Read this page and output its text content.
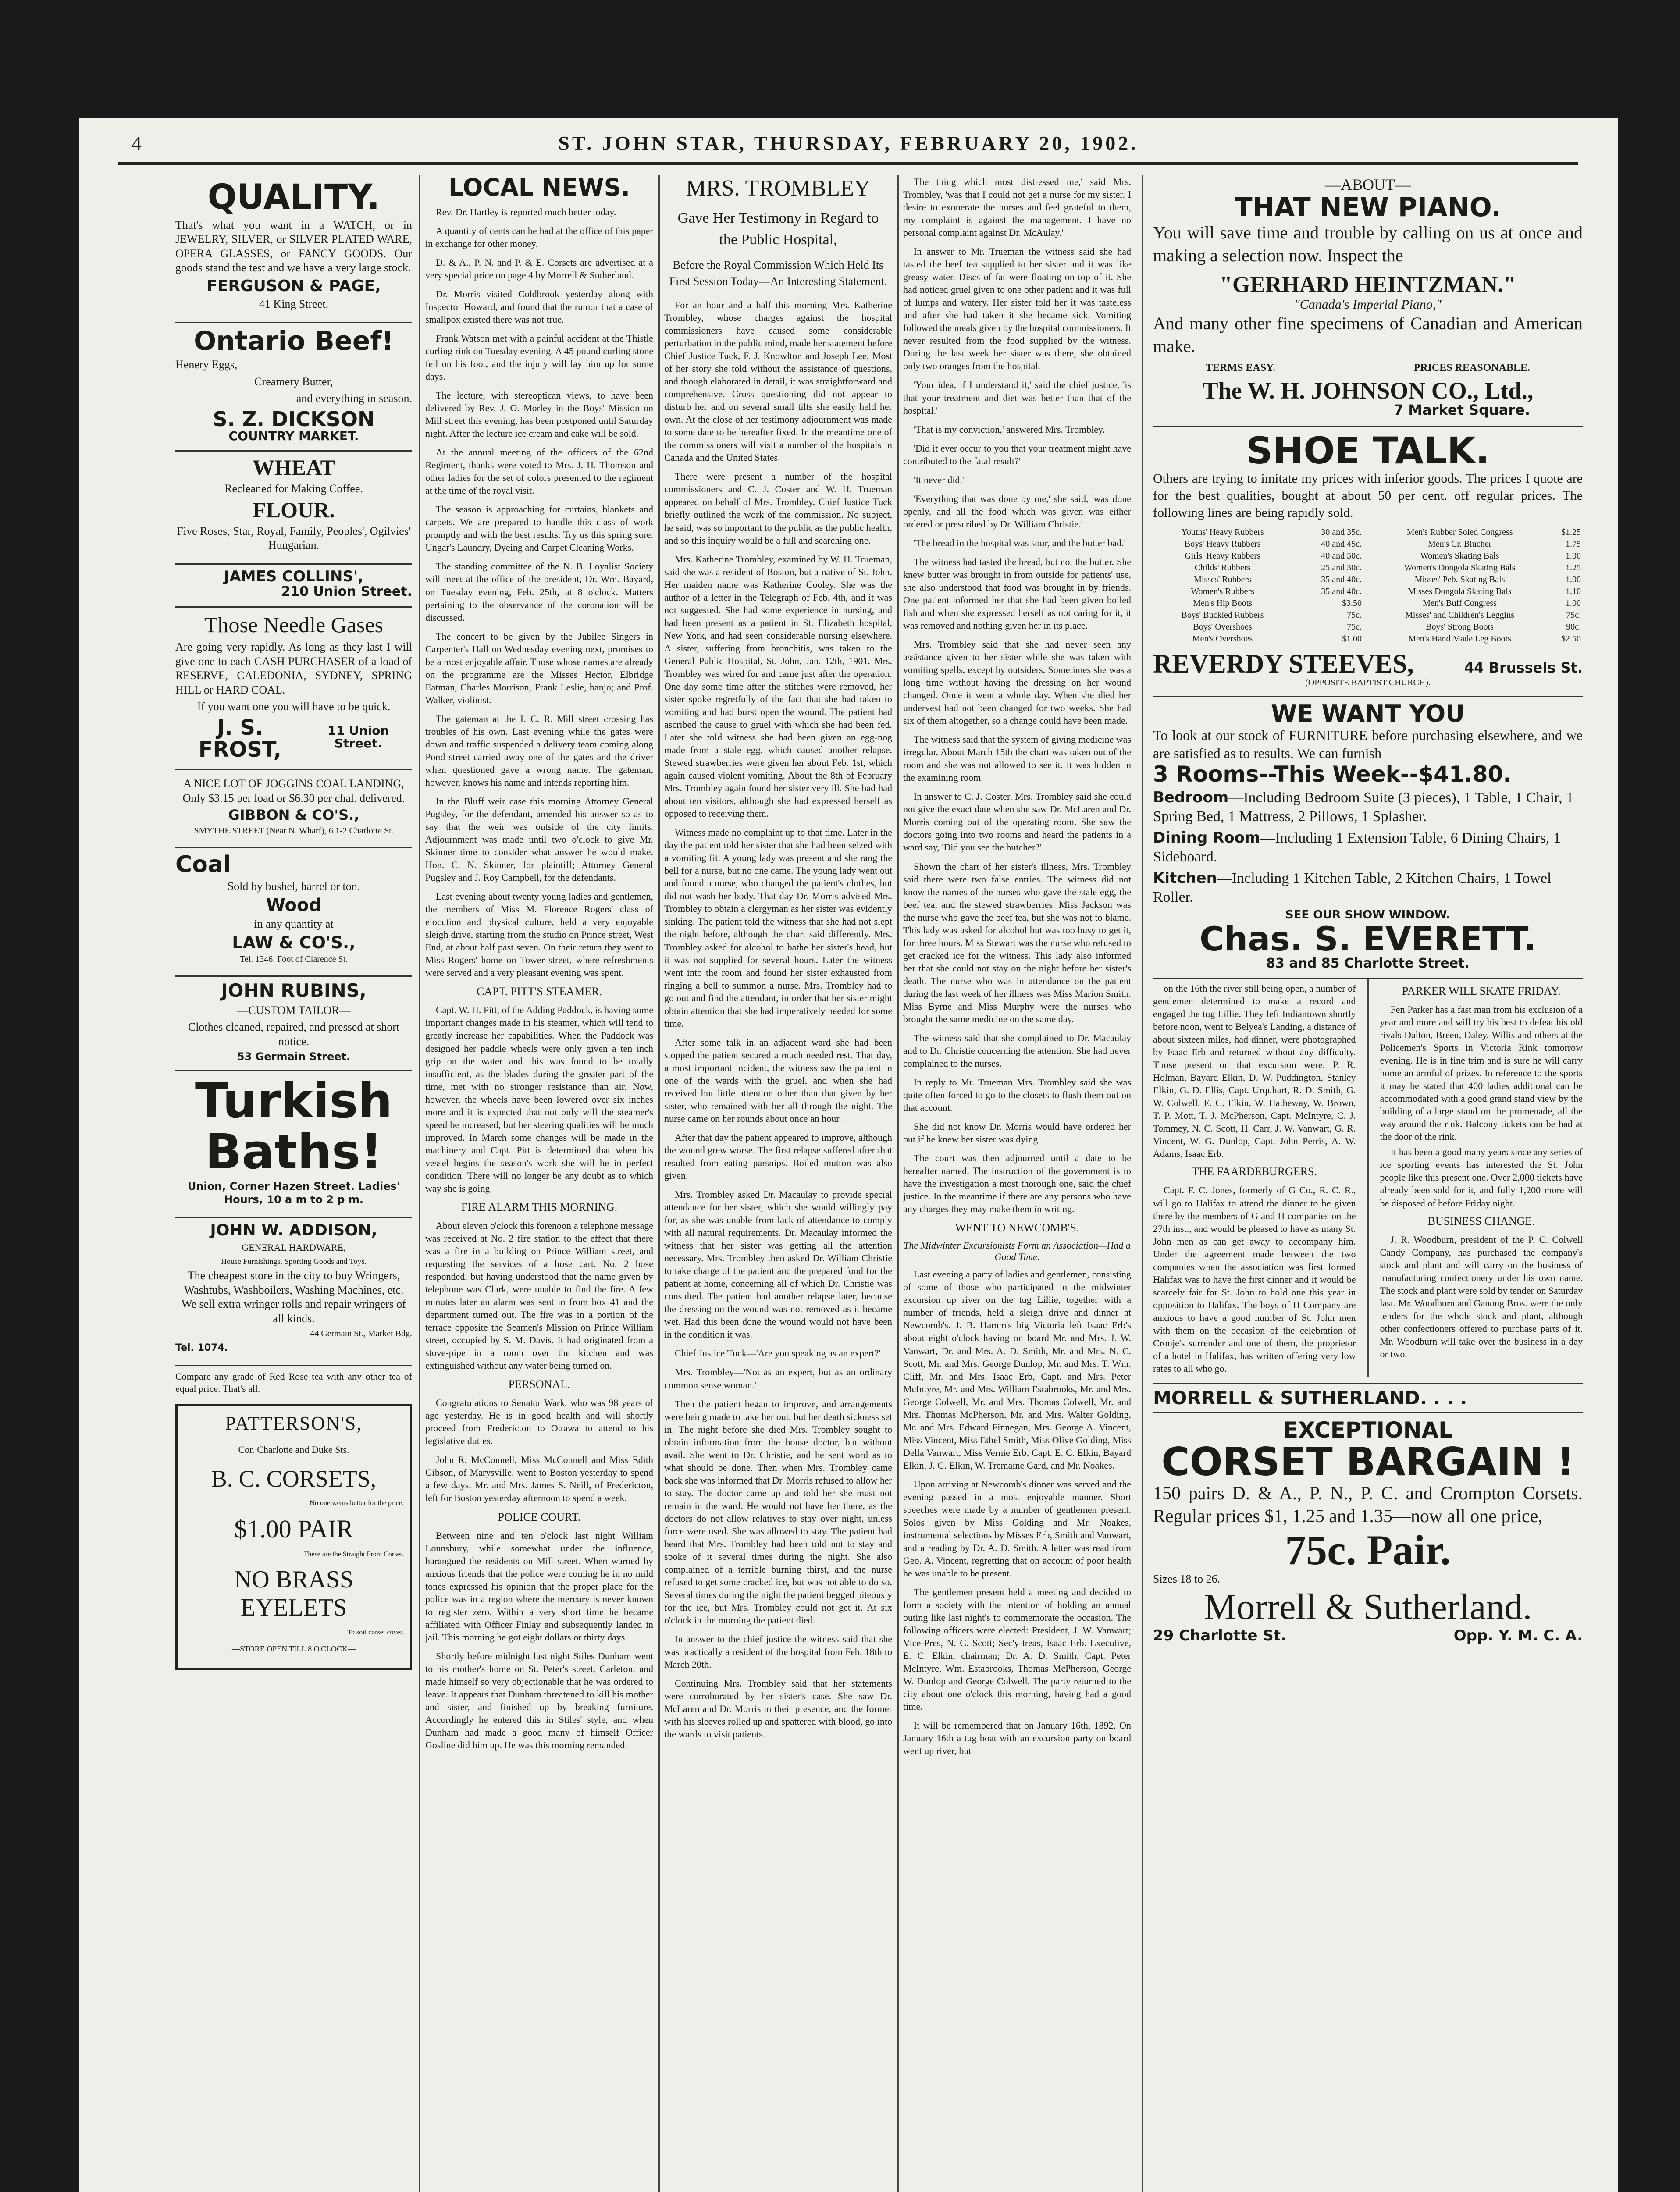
4	ST. JOHN STAR, THURSDAY, FEBRUARY 20, 1902.
QUALITY.

That's what you want in a WATCH, or in JEWELRY, SILVER, or SILVER PLATED WARE, OPERA GLASSES, or FANCY GOODS. Our goods stand the test and we have a very large stock.

FERGUSON & PAGE,

41 King Street.

Ontario Beef!

Henery Eggs,

Creamery Butter,

and everything in season.

S. Z. DICKSON
COUNTRY MARKET.
WHEAT

Recleaned for Making Coffee.

FLOUR.

Five Roses, Star, Royal, Family, Peoples', Ogilvies' Hungarian.

JAMES COLLINS',
210 Union Street.
Those Needle Gases

Are going very rapidly. As long as they last I will give one to each CASH PURCHASER of a load of RESERVE, CALEDONIA, SYDNEY, SPRING HILL or HARD COAL.

If you want one you will have to be quick.

J. S. FROST,
11 Union Street.

A NICE LOT OF JOGGINS COAL LANDING, Only $3.15 per load or $6.30 per chal. delivered.

GIBBON & CO'S.,

SMYTHE STREET (Near N. Wharf), 6 1-2 Charlotte St.

Coal

Sold by bushel, barrel or ton.

Wood

in any quantity at

LAW & CO'S.,

Tel. 1346. Foot of Clarence St.

JOHN RUBINS,

—CUSTOM TAILOR—

Clothes cleaned, repaired, and pressed at short notice.

53 Germain Street.
Turkish
Baths!

Union, Corner Hazen Street. Ladies' Hours, 10 a m to 2 p m.

JOHN W. ADDISON,

GENERAL HARDWARE,

House Furnishings, Sporting Goods and Toys.

The cheapest store in the city to buy Wringers, Washtubs, Washboilers, Washing Machines, etc. We sell extra wringer rolls and repair wringers of all kinds.

44 Germain St., Market Bdg.

Tel. 1074.

Compare any grade of Red Rose tea with any other tea of equal price. That's all.

PATTERSON'S,

Cor. Charlotte and Duke Sts.

B. C. CORSETS,

No one wears better for the price.

$1.00 PAIR

These are the Straight Front Corset.

NO BRASS EYELETS

To soil corset cover.

—STORE OPEN TILL 8 O'CLOCK—

LOCAL NEWS.

Rev. Dr. Hartley is reported much better today.

A quantity of cents can be had at the office of this paper in exchange for other money.

D. & A., P. N. and P. & E. Corsets are advertised at a very special price on page 4 by Morrell & Sutherland.

Dr. Morris visited Coldbrook yesterday along with Inspector Howard, and found that the rumor that a case of smallpox existed there was not true.

Frank Watson met with a painful accident at the Thistle curling rink on Tuesday evening. A 45 pound curling stone fell on his foot, and the injury will lay him up for some days.

The lecture, with stereoptican views, to have been delivered by Rev. J. O. Morley in the Boys' Mission on Mill street this evening, has been postponed until Saturday night. After the lecture ice cream and cake will be sold.

At the annual meeting of the officers of the 62nd Regiment, thanks were voted to Mrs. J. H. Thomson and other ladies for the set of colors presented to the regiment at the time of the royal visit.

The season is approaching for curtains, blankets and carpets. We are prepared to handle this class of work promptly and with the best results. Try us this spring sure. Ungar's Laundry, Dyeing and Carpet Cleaning Works.

The standing committee of the N. B. Loyalist Society will meet at the office of the president, Dr. Wm. Bayard, on Tuesday evening, Feb. 25th, at 8 o'clock. Matters pertaining to the observance of the coronation will be discussed.

The concert to be given by the Jubilee Singers in Carpenter's Hall on Wednesday evening next, promises to be a most enjoyable affair. Those whose names are already on the programme are the Misses Hector, Elbridge Eatman, Charles Morrison, Frank Leslie, banjo; and Prof. Walker, violinist.

The gateman at the I. C. R. Mill street crossing has troubles of his own. Last evening while the gates were down and traffic suspended a delivery team coming along Pond street carried away one of the gates and the driver when questioned gave a wrong name. The gateman, however, knows his name and intends reporting him.

In the Bluff weir case this morning Attorney General Pugsley, for the defendant, amended his answer so as to say that the weir was outside of the city limits. Adjournment was made until two o'clock to give Mr. Skinner time to consider what answer he would make. Hon. C. N. Skinner, for plaintiff; Attorney General Pugsley and J. Roy Campbell, for the defendants.

Last evening about twenty young ladies and gentlemen, the members of Miss M. Florence Rogers' class of elocution and physical culture, held a very enjoyable sleigh drive, starting from the studio on Prince street, West End, at about half past seven. On their return they went to Miss Rogers' home on Tower street, where refreshments were served and a very pleasant evening was spent.

CAPT. PITT'S STEAMER.

Capt. W. H. Pitt, of the Adding Paddock, is having some important changes made in his steamer, which will tend to greatly increase her capabilities. When the Paddock was designed her paddle wheels were only given a ten inch grip on the water and this was found to be totally insufficient, as the blades during the greater part of the time, met with no stronger resistance than air. Now, however, the wheels have been lowered over six inches more and it is expected that not only will the steamer's speed be increased, but her steering qualities will be much improved. In March some changes will be made in the machinery and Capt. Pitt is determined that when his vessel begins the season's work she will be in perfect condition. There will no longer be any doubt as to which way she is going.

FIRE ALARM THIS MORNING.

About eleven o'clock this forenoon a telephone message was received at No. 2 fire station to the effect that there was a fire in a building on Prince William street, and requesting the services of a hose cart. No. 2 hose responded, but having understood that the name given by telephone was Clark, were unable to find the fire. A few minutes later an alarm was sent in from box 41 and the department turned out. The fire was in a portion of the terrace opposite the Seamen's Mission on Prince William street, occupied by S. M. Davis. It had originated from a stove-pipe in a room over the kitchen and was extinguished without any water being turned on.

PERSONAL.

Congratulations to Senator Wark, who was 98 years of age yesterday. He is in good health and will shortly proceed from Fredericton to Ottawa to attend to his legislative duties.

John R. McConnell, Miss McConnell and Miss Edith Gibson, of Marysville, went to Boston yesterday to spend a few days. Mr. and Mrs. James S. Neill, of Fredericton, left for Boston yesterday afternoon to spend a week.

POLICE COURT.

Between nine and ten o'clock last night William Lounsbury, while somewhat under the influence, harangued the residents on Mill street. When warned by anxious friends that the police were coming he in no mild tones expressed his opinion that the proper place for the police was in a region where the mercury is never known to register zero. Within a very short time he became affiliated with Officer Finlay and subsequently landed in jail. This morning he got eight dollars or thirty days.

Shortly before midnight last night Stiles Dunham went to his mother's home on St. Peter's street, Carleton, and made himself so very objectionable that he was ordered to leave. It appears that Dunham threatened to kill his mother and sister, and finished up by breaking furniture. Accordingly he entered this in Stiles' style, and when Dunham had made a good many of himself Officer Gosline did him up. He was this morning remanded.

MRS. TROMBLEY
Gave Her Testimony in Regard to the Public Hospital,
Before the Royal Commission Which Held Its First Session Today—An Interesting Statement.

For an hour and a half this morning Mrs. Katherine Trombley, whose charges against the hospital commissioners have caused some considerable perturbation in the public mind, made her statement before Chief Justice Tuck, F. J. Knowlton and Joseph Lee. Most of her story she told without the assistance of questions, and though elaborated in detail, it was straightforward and comprehensive. Cross questioning did not appear to disturb her and on several small tilts she easily held her own. At the close of her testimony adjournment was made to some date to be hereafter fixed. In the meantime one of the commissioners will visit a number of the hospitals in Canada and the United States.

There were present a number of the hospital commissioners and C. J. Coster and W. H. Trueman appeared on behalf of Mrs. Trombley. Chief Justice Tuck briefly outlined the work of the commission. No subject, he said, was so important to the public as the public health, and so this inquiry would be a full and searching one.

Mrs. Katherine Trombley, examined by W. H. Trueman, said she was a resident of Boston, but a native of St. John. Her maiden name was Katherine Cooley. She was the author of a letter in the Telegraph of Feb. 4th, and it was not suggested. She had some experience in nursing, and had been present as a patient in St. Elizabeth hospital, New York, and had seen considerable nursing elsewhere. A sister, suffering from bronchitis, was taken to the General Public Hospital, St. John, Jan. 12th, 1901. Mrs. Trombley was wired for and came just after the operation. One day some time after the stitches were removed, her sister spoke regretfully of the fact that she had taken to vomiting and had burst open the wound. The patient had ascribed the cause to gruel with which she had been fed. Later she told witness she had been given an egg-nog made from a stale egg, which caused another relapse. Stewed strawberries were given her about Feb. 1st, which again caused violent vomiting. About the 8th of February Mrs. Trombley again found her sister very ill. She had had about ten visitors, although she had expressed herself as opposed to receiving them.

Witness made no complaint up to that time. Later in the day the patient told her sister that she had been seized with a vomiting fit. A young lady was present and she rang the bell for a nurse, but no one came. The young lady went out and found a nurse, who changed the patient's clothes, but did not wash her body. That day Dr. Morris advised Mrs. Trombley to obtain a clergyman as her sister was evidently sinking. The patient told the witness that she had not slept the night before, although the chart said differently. Mrs. Trombley asked for alcohol to bathe her sister's head, but it was not supplied for several hours. Later the witness went into the room and found her sister exhausted from ringing a bell to summon a nurse. Mrs. Trombley had to go out and find the attendant, in order that her sister might obtain attention that she had imperatively needed for some time.

After some talk in an adjacent ward she had been stopped the patient secured a much needed rest. That day, a most important incident, the witness saw the patient in one of the wards with the gruel, and when she had received but little attention other than that given by her sister, who remained with her all through the night. The nurse came on her rounds about once an hour.

After that day the patient appeared to improve, although the wound grew worse. The first relapse suffered after that resulted from eating parsnips. Boiled mutton was also given.

Mrs. Trombley asked Dr. Macaulay to provide special attendance for her sister, which she would willingly pay for, as she was unable from lack of attendance to comply with all natural requirements. Dr. Macaulay informed the witness that her sister was getting all the attention necessary. Mrs. Trombley then asked Dr. William Christie to take charge of the patient and the prepared food for the patient at home, concerning all of which Dr. Christie was consulted. The patient had another relapse later, because the dressing on the wound was not removed as it became wet. Had this been done the wound would not have been in the condition it was.

Chief Justice Tuck—'Are you speaking as an expert?'

Mrs. Trombley—'Not as an expert, but as an ordinary common sense woman.'

Then the patient began to improve, and arrangements were being made to take her out, but her death sickness set in. The night before she died Mrs. Trombley sought to obtain information from the house doctor, but without avail. She went to Dr. Christie, and he sent word as to what should be done. Then when Mrs. Trombley came back she was informed that Dr. Morris refused to allow her to stay. The doctor came up and told her she must not remain in the ward. He would not have her there, as the doctors do not allow relatives to stay over night, unless force were used. She was allowed to stay. The patient had heard that Mrs. Trombley had been told not to stay and spoke of it several times during the night. She also complained of a terrible burning thirst, and the nurse refused to get some cracked ice, but was not able to do so. Several times during the night the patient begged piteously for the ice, but Mrs. Trombley could not get it. At six o'clock in the morning the patient died.

In answer to the chief justice the witness said that she was practically a resident of the hospital from Feb. 18th to March 20th.

Continuing Mrs. Trombley said that her statements were corroborated by her sister's case. She saw Dr. McLaren and Dr. Morris in their presence, and the former with his sleeves rolled up and spattered with blood, go into the wards to visit patients.

The thing which most distressed me,' said Mrs. Trombley, 'was that I could not get a nurse for my sister. I desire to exonerate the nurses and feel grateful to them, my complaint is against the management. I have no personal complaint against Dr. McAulay.'

In answer to Mr. Trueman the witness said she had tasted the beef tea supplied to her sister and it was like greasy water. Discs of fat were floating on top of it. She had noticed gruel given to one other patient and it was full of lumps and watery. Her sister told her it was tasteless and after she had taken it she became sick. Vomiting followed the meals given by the hospital commissioners. It never resulted from the food supplied by the witness. During the last week her sister was there, she obtained only two oranges from the hospital.

'Your idea, if I understand it,' said the chief justice, 'is that your treatment and diet was better than that of the hospital.'

'That is my conviction,' answered Mrs. Trombley.

'Did it ever occur to you that your treatment might have contributed to the fatal result?'

'It never did.'

'Everything that was done by me,' she said, 'was done openly, and all the food which was given was either ordered or prescribed by Dr. William Christie.'

'The bread in the hospital was sour, and the butter bad.'

The witness had tasted the bread, but not the butter. She knew butter was brought in from outside for patients' use, she also understood that food was brought in by friends. One patient informed her that she had been given boiled fish and when she expressed herself as not caring for it, it was removed and nothing given her in its place.

Mrs. Trombley said that she had never seen any assistance given to her sister while she was taken with vomiting spells, except by outsiders. Sometimes she was a long time without having the dressing on her wound changed. Once it went a whole day. When she died her undervest had not been changed for two weeks. She had six of them altogether, so a change could have been made.

The witness said that the system of giving medicine was irregular. About March 15th the chart was taken out of the room and she was not allowed to see it. It was hidden in the examining room.

In answer to C. J. Coster, Mrs. Trombley said she could not give the exact date when she saw Dr. McLaren and Dr. Morris coming out of the operating room. She saw the doctors going into two rooms and heard the patients in a ward say, 'Did you see the butcher?'

Shown the chart of her sister's illness, Mrs. Trombley said there were two false entries. The witness did not know the names of the nurses who gave the stale egg, the beef tea, and the stewed strawberries. Miss Jackson was the nurse who gave the beef tea, but she was not to blame. This lady was asked for alcohol but was too busy to get it, for three hours. Miss Stewart was the nurse who refused to get cracked ice for the witness. This lady also informed her that she could not stay on the night before her sister's death. The nurse who was in attendance on the patient during the last week of her illness was Miss Marion Smith. Miss Byrne and Miss Murphy were the nurses who brought the same medicine on the same day.

The witness said that she complained to Dr. Macaulay and to Dr. Christie concerning the attention. She had never complained to the nurses.

In reply to Mr. Trueman Mrs. Trombley said she was quite often forced to go to the closets to flush them out on that account.

She did not know Dr. Morris would have ordered her out if he knew her sister was dying.

The court was then adjourned until a date to be hereafter named. The instruction of the government is to have the investigation a most thorough one, said the chief justice. In the meantime if there are any persons who have any charges they may make them in writing.

WENT TO NEWCOMB'S.
The Midwinter Excursionists Form an Association—Had a Good Time.

Last evening a party of ladies and gentlemen, consisting of some of those who participated in the midwinter excursion up river on the tug Lillie, together with a number of friends, held a sleigh drive and dinner at Newcomb's. J. B. Hamm's big Victoria left Isaac Erb's about eight o'clock having on board Mr. and Mrs. J. W. Vanwart, Dr. and Mrs. A. D. Smith, Mr. and Mrs. N. C. Scott, Mr. and Mrs. George Dunlop, Mr. and Mrs. T. Wm. Cliff, Mr. and Mrs. Isaac Erb, Capt. and Mrs. Peter McIntyre, Mr. and Mrs. William Estabrooks, Mr. and Mrs. George Colwell, Mr. and Mrs. Thomas Colwell, Mr. and Mrs. Thomas McPherson, Mr. and Mrs. Walter Golding, Mr. and Mrs. Edward Finnegan, Mrs. George A. Vincent, Miss Vincent, Miss Ethel Smith, Miss Olive Golding, Miss Della Vanwart, Miss Vernie Erb, Capt. E. C. Elkin, Bayard Elkin, J. G. Elkin, W. Tremaine Gard, and Mr. Noakes.

Upon arriving at Newcomb's dinner was served and the evening passed in a most enjoyable manner. Short speeches were made by a number of gentlemen present. Solos given by Miss Golding and Mr. Noakes, instrumental selections by Misses Erb, Smith and Vanwart, and a reading by Dr. A. D. Smith. A letter was read from Geo. A. Vincent, regretting that on account of poor health he was unable to be present.

The gentlemen present held a meeting and decided to form a society with the intention of holding an annual outing like last night's to commemorate the occasion. The following officers were elected: President, J. W. Vanwart; Vice-Pres, N. C. Scott; Sec'y-treas, Isaac Erb. Executive, E. C. Elkin, chairman; Dr. A. D. Smith, Capt. Peter McIntyre, Wm. Estabrooks, Thomas McPherson, George W. Dunlop and George Colwell. The party returned to the city about one o'clock this morning, having had a good time.

It will be remembered that on January 16th, 1892, On January 16th a tug boat with an excursion party on board went up river, but

—ABOUT—
THAT NEW PIANO.
You will save time and trouble by calling on us at once and making a selection now. Inspect the
"GERHARD HEINTZMAN."
"Canada's Imperial Piano,"
And many other fine specimens of Canadian and American make.
TERMS EASY.	PRICES REASONABLE.
The W. H. JOHNSON CO., Ltd.,
7 Market Square.
SHOE TALK.
Others are trying to imitate my prices with inferior goods. The prices I quote are for the best qualities, bought at about 50 per cent. off regular prices. The following lines are being rapidly sold.
Youths' Heavy Rubbers	30 and 35c.
Boys' Heavy Rubbers	40 and 45c.
Girls' Heavy Rubbers	40 and 50c.
Childs' Rubbers	25 and 30c.
Misses' Rubbers	35 and 40c.
Women's Rubbers	35 and 40c.
Men's Hip Boots	$3.50
Boys' Buckled Rubbers	75c.
Boys' Overshoes	75c.
Men's Overshoes	$1.00
Men's Rubber Soled Congress	$1.25
Men's Cr. Blucher	1.75
Women's Skating Bals	1.00
Women's Dongola Skating Bals	1.25
Misses' Peb. Skating Bals	1.00
Misses Dongola Skating Bals	1.10
Men's Buff Congress	1.00
Misses' and Children's Leggins	75c.
Boys' Strong Boots	90c.
Men's Hand Made Leg Boots	$2.50
REVERDY STEEVES,	44 Brussels St.
(OPPOSITE BAPTIST CHURCH).
WE WANT YOU
To look at our stock of FURNITURE before purchasing elsewhere, and we are satisfied as to results. We can furnish
3 Rooms--This Week--$41.80.

Bedroom—Including Bedroom Suite (3 pieces), 1 Table, 1 Chair, 1 Spring Bed, 1 Mattress, 2 Pillows, 1 Splasher.

Dining Room—Including 1 Extension Table, 6 Dining Chairs, 1 Sideboard.

Kitchen—Including 1 Kitchen Table, 2 Kitchen Chairs, 1 Towel Roller.

SEE OUR SHOW WINDOW.
Chas. S. EVERETT.
83 and 85 Charlotte Street.

on the 16th the river still being open, a number of gentlemen determined to make a record and engaged the tug Lillie. They left Indiantown shortly before noon, went to Belyea's Landing, a distance of about sixteen miles, had dinner, were photographed by Isaac Erb and returned without any difficulty. Those present on that excursion were: P. R. Holman, Bayard Elkin, D. W. Puddington, Stanley Elkin, G. D. Ellis, Capt. Urquhart, R. D. Smith, G. W. Colwell, E. C. Elkin, W. Hatheway, W. Brown, T. P. Mott, T. J. McPherson, Capt. McIntyre, C. J. Tommey, N. C. Scott, H. Carr, J. W. Vanwart, G. R. Vincent, W. G. Dunlop, Capt. John Perris, A. W. Adams, Isaac Erb.

THE FAARDEBURGERS.

Capt. F. C. Jones, formerly of G Co., R. C. R., will go to Halifax to attend the dinner to be given there by the members of G and H companies on the 27th inst., and would be pleased to have as many St. John men as can get away to accompany him. Under the agreement made between the two companies when the association was first formed Halifax was to have the first dinner and it would be scarcely fair for St. John to hold one this year in opposition to Halifax. The boys of H Company are anxious to have a good number of St. John men with them on the occasion of the celebration of Cronje's surrender and one of them, the proprietor of a hotel in Halifax, has written offering very low rates to all who go.

PARKER WILL SKATE FRIDAY.

Fen Parker has a fast man from his exclusion of a year and more and will try his best to defeat his old rivals Dalton, Breen, Daley, Willis and others at the Policemen's Sports in Victoria Rink tomorrow evening. He is in fine trim and is sure he will carry home an armful of prizes. In reference to the sports it may be stated that 400 ladies additional can be accommodated with a good grand stand view by the building of a large stand on the promenade, all the way around the rink. Balcony tickets can be had at the door of the rink.

It has been a good many years since any series of ice sporting events has interested the St. John people like this present one. Over 2,000 tickets have already been sold for it, and fully 1,200 more will be disposed of before Friday night.

BUSINESS CHANGE.

J. R. Woodburn, president of the P. C. Colwell Candy Company, has purchased the company's stock and plant and will carry on the business of manufacturing confectionery under his own name. The stock and plant were sold by tender on Saturday last. Mr. Woodburn and Ganong Bros. were the only tenders for the whole stock and plant, although other confectioners offered to purchase parts of it. Mr. Woodburn will take over the business in a day or two.

MORRELL & SUTHERLAND. . . .
EXCEPTIONAL
CORSET BARGAIN !
150 pairs D. & A., P. N., P. C. and Crompton Corsets. Regular prices $1, 1.25 and 1.35—now all one price,
75c. Pair.
Sizes 18 to 26.
Morrell & Sutherland.
29 Charlotte St.	Opp. Y. M. C. A.
